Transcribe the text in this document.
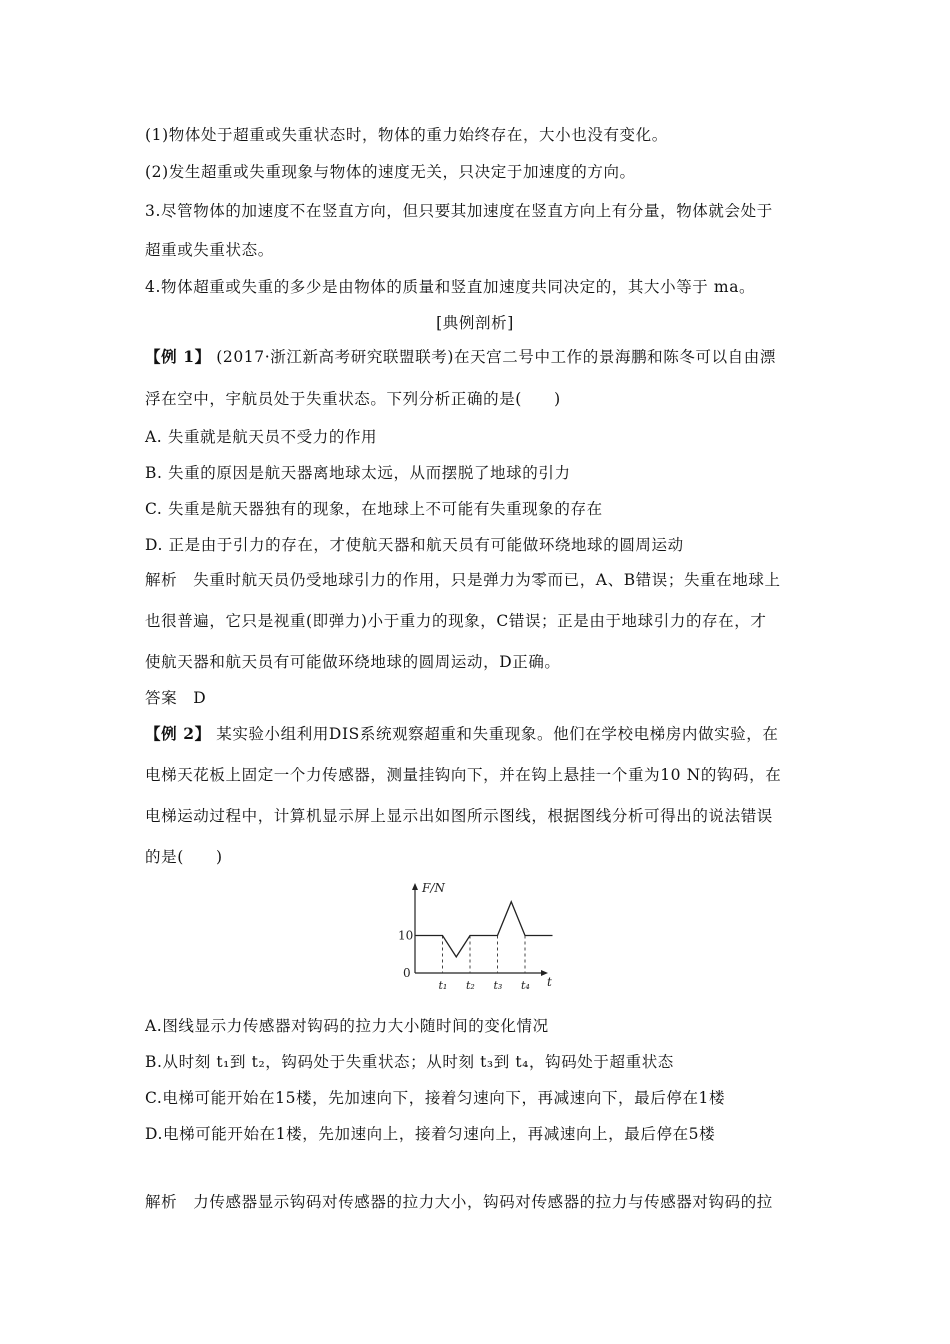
(1)物体处于超重或失重状态时，物体的重力始终存在，大小也没有变化。
(2)发生超重或失重现象与物体的速度无关，只决定于加速度的方向。
3.尽管物体的加速度不在竖直方向，但只要其加速度在竖直方向上有分量，物体就会处于
超重或失重状态。
4.物体超重或失重的多少是由物体的质量和竖直加速度共同决定的，其大小等于 ma。
[典例剖析]
【例 1】 (2017·浙江新高考研究联盟联考)在天宫二号中工作的景海鹏和陈冬可以自由漂
浮在空中，宇航员处于失重状态。下列分析正确的是(　　)
A. 失重就是航天员不受力的作用
B. 失重的原因是航天器离地球太远，从而摆脱了地球的引力
C. 失重是航天器独有的现象，在地球上不可能有失重现象的存在
D. 正是由于引力的存在，才使航天器和航天员有可能做环绕地球的圆周运动
解析　失重时航天员仍受地球引力的作用，只是弹力为零而已，A、B错误；失重在地球上
也很普遍，它只是视重(即弹力)小于重力的现象，C错误；正是由于地球引力的存在，才
使航天器和航天员有可能做环绕地球的圆周运动，D正确。
答案　D
【例 2】 某实验小组利用DIS系统观察超重和失重现象。他们在学校电梯房内做实验，在
电梯天花板上固定一个力传感器，测量挂钩向下，并在钩上悬挂一个重为10 N的钩码，在
电梯运动过程中，计算机显示屏上显示出如图所示图线，根据图线分析可得出的说法错误
的是(　　)
F/N
t
10
0
t₁ t₂ t₃ t₄
A.图线显示力传感器对钩码的拉力大小随时间的变化情况
B.从时刻 t₁到 t₂，钩码处于失重状态；从时刻 t₃到 t₄，钩码处于超重状态
C.电梯可能开始在15楼，先加速向下，接着匀速向下，再减速向下，最后停在1楼
D.电梯可能开始在1楼，先加速向上，接着匀速向上，再减速向上，最后停在5楼
解析　力传感器显示钩码对传感器的拉力大小，钩码对传感器的拉力与传感器对钩码的拉
